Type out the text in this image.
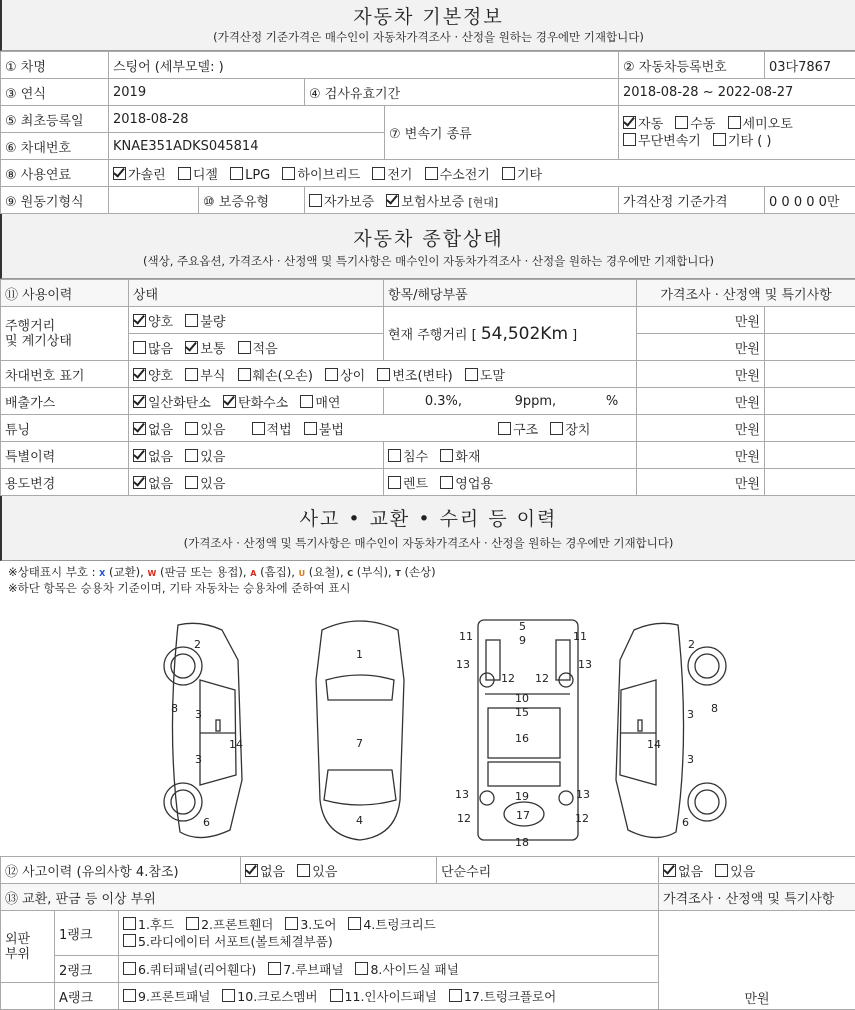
자동차 기본정보
(가격산정 기준가격은 매수인이 자동차가격조사 · 산정을 원하는 경우에만 기재합니다)
① 차명	스팅어 (세부모델: )				② 자동차등록번호	03다7867
③ 연식	2019		④ 검사유효기간		2018-08-28 ~ 2022-08-27	
⑤ 최초등록일	2018-08-28			⑦ 변속기 종류	자동 수동 세미오토
무단변속기 기타 ( )	
⑥ 차대번호	KNAE351ADKS045814					
⑧ 사용연료	가솔린 디젤 LPG 하이브리드 전기 수소전기 기타					
⑨ 원동기형식		⑩ 보증유형	자가보증 보험사보증 [현대]		가격산정 기준가격	0 0 0 0 0만
자동차 종합상태
(색상, 주요옵션, 가격조사 · 산정액 및 특기사항은 매수인이 자동차가격조사 · 산정을 원하는 경우에만 기재합니다)
⑪ 사용이력	상태	항목/해당부품	가격조사 · 산정액 및 특기사항	
주행거리
및 계기상태	양호 불량	현재 주행거리 [ 54,502Km ]	만원	
	많음 보통 적음		만원	
차대번호 표기	양호 부식 훼손(오손) 상이 변조(변타) 도말		만원	
배출가스	일산화탄소 탄화수소 매연	0.3%, 9ppm, %	만원	
튜닝	없음 있음 적법 불법 구조 장치		만원	
특별이력	없음 있음	침수 화재	만원	
용도변경	없음 있음	렌트 영업용	만원	
사고 • 교환 • 수리 등 이력
(가격조사 · 산정액 및 특기사항은 매수인이 자동차가격조사 · 산정을 원하는 경우에만 기재합니다)
※상태표시 부호 : X (교환), W (판금 또는 용접), A (흠집), U (요철), C (부식), T (손상)
※하단 항목은 승용차 기준이며, 기타 자동차는 승용차에 준하여 표시
2
8 3
3
14
6
1
7
4
5
9
11	11
13	13
12 12
10
15
16
19
13	13
12	12
17
18
2
8
3
3
14
6
⑫ 사고이력 (유의사항 4.참조)			없음 있음	단순수리	없음 있음
⑬ 교환, 판금 등 이상 부위					가격조사 · 산정액 및 특기사항
외판
부위	1랭크	1.후드 2.프론트휀더 3.도어 4.트렁크리드
5.라디에이터 서포트(볼트체결부품)			만원
	2랭크	6.쿼터패널(리어휀다) 7.루브패널 8.사이드실 패널			
	A랭크	9.프론트패널 10.크로스멤버 11.인사이드패널 17.트렁크플로어			
